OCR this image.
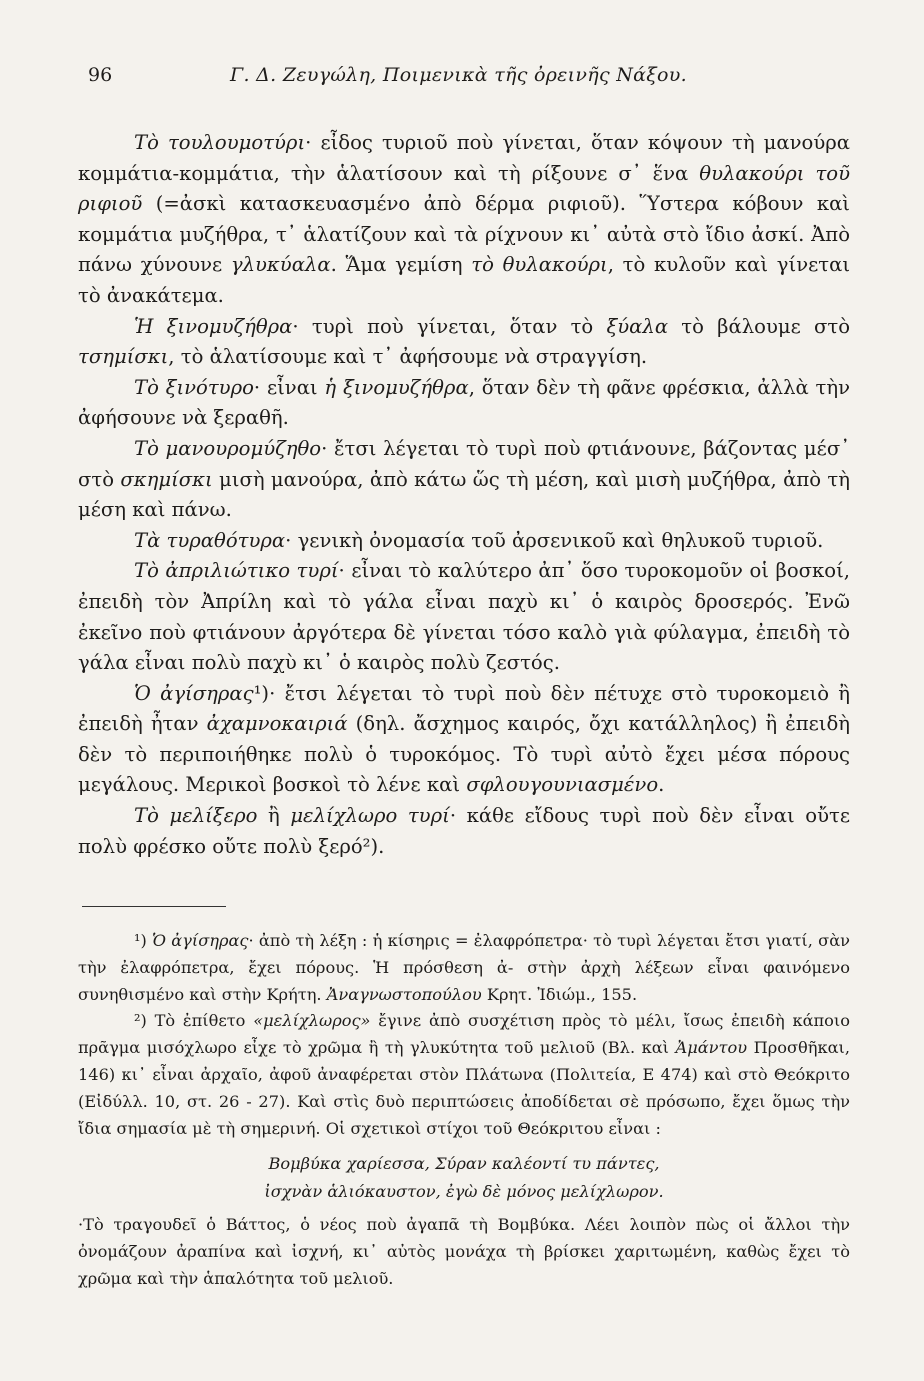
96	Γ. Δ. Ζευγώλη, Ποιμενικὰ τῆς ὀρεινῆς Νάξου.

Τὸ τουλουμοτύρι· εἶδος τυριοῦ ποὺ γίνεται, ὅταν κόψουν τὴ μανούρα κομμάτια-κομμάτια, τὴν ἁλατίσουν καὶ τὴ ρίξουνε σ᾽ ἕνα θυλακούρι τοῦ ριφιοῦ (=ἀσκὶ κατασκευασμένο ἀπὸ δέρμα ριφιοῦ). Ὕστερα κόβουν καὶ κομμάτια μυζήθρα, τ᾽ ἁλατίζουν καὶ τὰ ρίχνουν κι᾽ αὐτὰ στὸ ἴδιο ἀσκί. Ἀπὸ πάνω χύνουνε γλυκύαλα. Ἅμα γεμίση τὸ θυλακούρι, τὸ κυλοῦν καὶ γίνεται τὸ ἀνακάτεμα.

Ἡ ξινομυζήθρα· τυρὶ ποὺ γίνεται, ὅταν τὸ ξύαλα τὸ βάλουμε στὸ τσημίσκι, τὸ ἁλατίσουμε καὶ τ᾽ ἀφήσουμε νὰ στραγγίση.

Τὸ ξινότυρο· εἶναι ἡ ξινομυζήθρα, ὅταν δὲν τὴ φᾶνε φρέσκια, ἀλλὰ τὴν ἀφήσουνε νὰ ξεραθῆ.

Τὸ μανουρομύζηθο· ἔτσι λέγεται τὸ τυρὶ ποὺ φτιάνουνε, βάζοντας μέσ᾽ στὸ σκημίσκι μισὴ μανούρα, ἀπὸ κάτω ὥς τὴ μέση, καὶ μισὴ μυζήθρα, ἀπὸ τὴ μέση καὶ πάνω.

Τὰ τυραθότυρα· γενικὴ ὀνομασία τοῦ ἀρσενικοῦ καὶ θηλυκοῦ τυριοῦ.

Τὸ ἀπριλιώτικο τυρί· εἶναι τὸ καλύτερο ἀπ᾽ ὅσο τυροκομοῦν οἱ βοσκοί, ἐπειδὴ τὸν Ἀπρίλη καὶ τὸ γάλα εἶναι παχὺ κι᾽ ὁ καιρὸς δροσερός. Ἐνῶ ἐκεῖνο ποὺ φτιάνουν ἀργότερα δὲ γίνεται τόσο καλὸ γιὰ φύλαγμα, ἐπειδὴ τὸ γάλα εἶναι πολὺ παχὺ κι᾽ ὁ καιρὸς πολὺ ζεστός.

Ὁ ἀγίσηρας¹)· ἔτσι λέγεται τὸ τυρὶ ποὺ δὲν πέτυχε στὸ τυροκομειὸ ἢ ἐπειδὴ ἦταν ἀχαμνοκαιριά (δηλ. ἄσχημος καιρός, ὄχι κατάλληλος) ἢ ἐπειδὴ δὲν τὸ περιποιήθηκε πολὺ ὁ τυροκόμος. Τὸ τυρὶ αὐτὸ ἔχει μέσα πόρους μεγάλους. Μερικοὶ βοσκοὶ τὸ λένε καὶ σφλουγουνιασμένο.

Τὸ μελίξερο ἢ μελίχλωρο τυρί· κάθε εἴδους τυρὶ ποὺ δὲν εἶναι οὔτε πολὺ φρέσκο οὔτε πολὺ ξερό²).

¹) Ὁ ἀγίσηρας· ἀπὸ τὴ λέξη : ἡ κίσηρις = ἐλαφρόπετρα· τὸ τυρὶ λέγεται ἔτσι γιατί, σὰν τὴν ἐλαφρόπετρα, ἔχει πόρους. Ἡ πρόσθεση ἀ- στὴν ἀρχὴ λέξεων εἶναι φαινόμενο συνηθισμένο καὶ στὴν Κρήτη. Ἀναγνωστοπούλου Κρητ. Ἰδιώμ., 155.

²) Τὸ ἐπίθετο «μελίχλωρος» ἔγινε ἀπὸ συσχέτιση πρὸς τὸ μέλι, ἴσως ἐπειδὴ κάποιο πρᾶγμα μισόχλωρο εἶχε τὸ χρῶμα ἢ τὴ γλυκύτητα τοῦ μελιοῦ (Βλ. καὶ Ἀμάντου Προσθῆκαι, 146) κι᾽ εἶναι ἀρχαῖο, ἀφοῦ ἀναφέρεται στὸν Πλάτωνα (Πολιτεία, Ε 474) καὶ στὸ Θεόκριτο (Εἰδύλλ. 10, στ. 26 - 27). Καὶ στὶς δυὸ περιπτώσεις ἀποδίδεται σὲ πρόσωπο, ἔχει ὅμως τὴν ἴδια σημασία μὲ τὴ σημερινή. Οἱ σχετικοὶ στίχοι τοῦ Θεόκριτου εἶναι :

Βομβύκα χαρίεσσα, Σύραν καλέοντί τυ πάντες,
ἰσχνὰν ἁλιόκαυστον, ἐγὼ δὲ μόνος μελίχλωρον.

·Τὸ τραγουδεῖ ὁ Βάττος, ὁ νέος ποὺ ἀγαπᾶ τὴ Βομβύκα. Λέει λοιπὸν πὼς οἱ ἄλλοι τὴν ὀνομάζουν ἀραπίνα καὶ ἰσχνή, κι᾽ αὐτὸς μονάχα τὴ βρίσκει χαριτωμένη, καθὼς ἔχει τὸ χρῶμα καὶ τὴν ἁπαλότητα τοῦ μελιοῦ.
